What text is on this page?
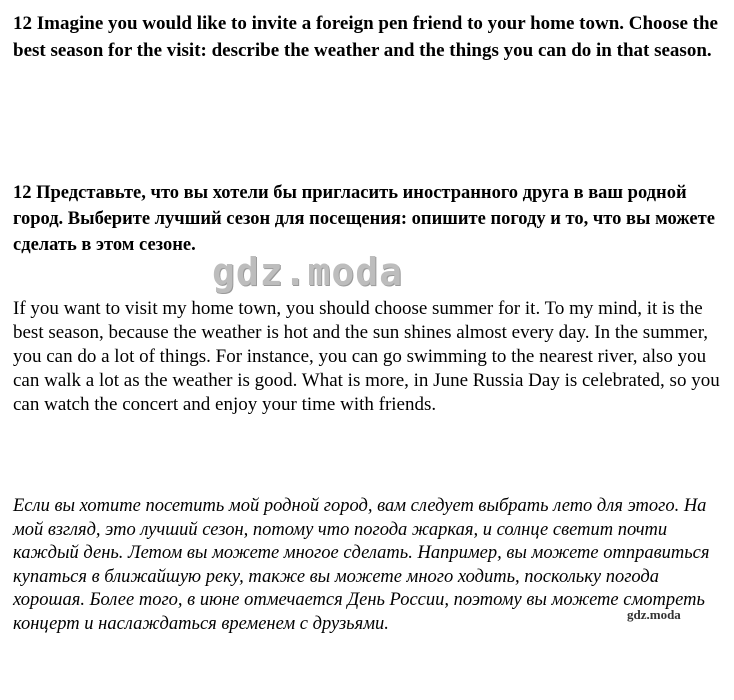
12 Imagine you would like to invite a foreign pen friend to your home town. Choose the best season for the visit: describe the weather and the things you can do in that season.

12 Представьте, что вы хотели бы пригласить иностранного друга в ваш родной город. Выберите лучший сезон для посещения: опишите погоду и то, что вы можете сделать в этом сезоне.

gdz.moda

If you want to visit my home town, you should choose summer for it. To my mind, it is the best season, because the weather is hot and the sun shines almost every day. In the summer, you can do a lot of things. For instance, you can go swimming to the nearest river, also you can walk a lot as the weather is good. What is more, in June Russia Day is celebrated, so you can watch the concert and enjoy your time with friends.

Если вы хотите посетить мой родной город, вам следует выбрать лето для этого. На мой взгляд, это лучший сезон, потому что погода жаркая, и солнце светит почти каждый день. Летом вы можете многое сделать. Например, вы можете отправиться купаться в ближайшую реку, также вы можете много ходить, поскольку погода хорошая. Более того, в июне отмечается День России, поэтому вы можете смотреть концерт и наслаждаться временем с друзьями.	gdz.moda
